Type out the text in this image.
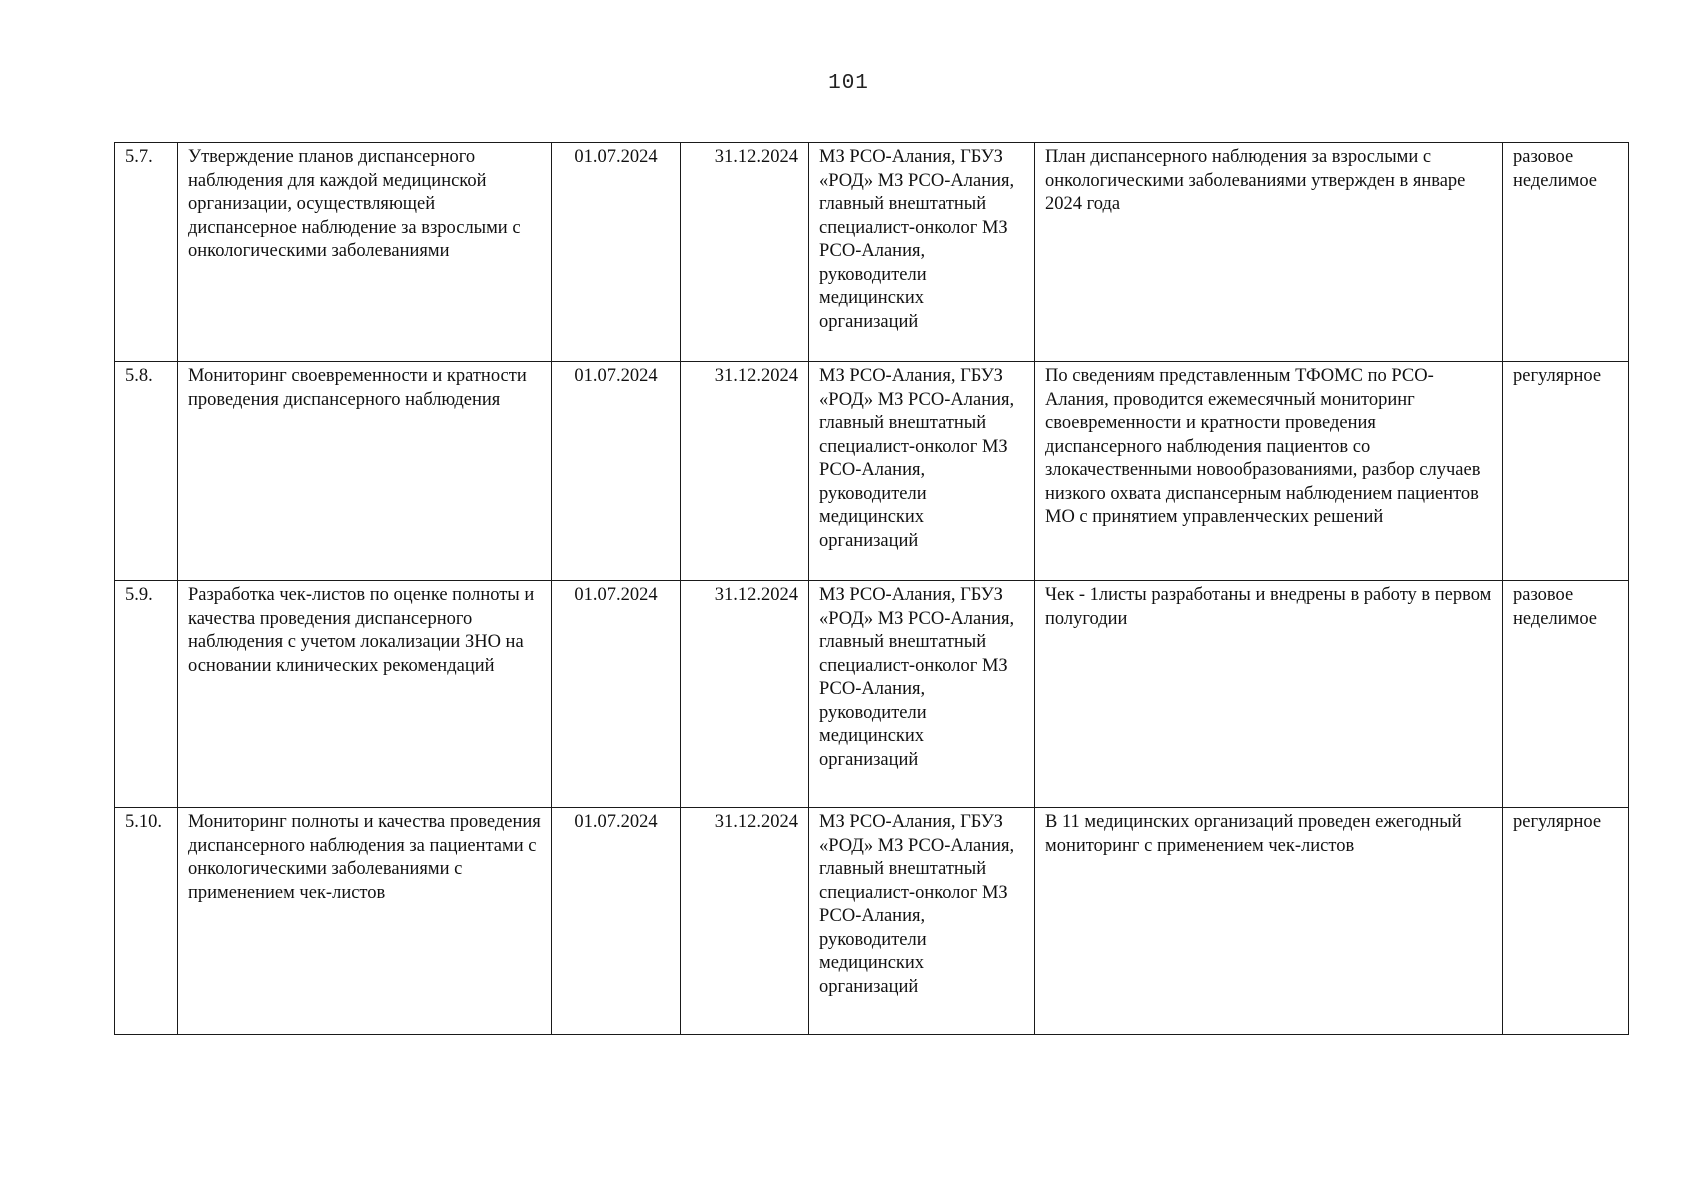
101
5.7.	Утверждение планов диспансерного наблюдения для каждой медицинской организации, осуществляющей диспансерное наблюдение за взрослыми с онкологическими заболеваниями	01.07.2024	31.12.2024	МЗ РСО-Алания, ГБУЗ «РОД» МЗ РСО-Алания, главный внештатный специалист-онколог МЗ РСО-Алания, руководители медицинских организаций	План диспансерного наблюдения за взрослыми с онкологическими заболеваниями утвержден в январе 2024 года	разовое неделимое
5.8.	Мониторинг своевременности и кратности проведения диспансерного наблюдения	01.07.2024	31.12.2024	МЗ РСО-Алания, ГБУЗ «РОД» МЗ РСО-Алания, главный внештатный специалист-онколог МЗ РСО-Алания, руководители медицинских организаций	По сведениям представленным ТФОМС по РСО-Алания, проводится ежемесячный мониторинг своевременности и кратности проведения диспансерного наблюдения пациентов со злокачественными новообразованиями, разбор случаев низкого охвата диспансерным наблюдением пациентов МО с принятием управленческих решений	регулярное
5.9.	Разработка чек-листов по оценке полноты и качества проведения диспансерного наблюдения с учетом локализации ЗНО на основании клинических рекомендаций	01.07.2024	31.12.2024	МЗ РСО-Алания, ГБУЗ «РОД» МЗ РСО-Алания, главный внештатный специалист-онколог МЗ РСО-Алания, руководители медицинских организаций	Чек - 1листы разработаны и внедрены в работу в первом полугодии	разовое неделимое
5.10.	Мониторинг полноты и качества проведения диспансерного наблюдения за пациентами с онкологическими заболеваниями с применением чек-листов	01.07.2024	31.12.2024	МЗ РСО-Алания, ГБУЗ «РОД» МЗ РСО-Алания, главный внештатный специалист-онколог МЗ РСО-Алания, руководители медицинских организаций	В 11 медицинских организаций проведен ежегодный мониторинг с применением чек-листов	регулярное
